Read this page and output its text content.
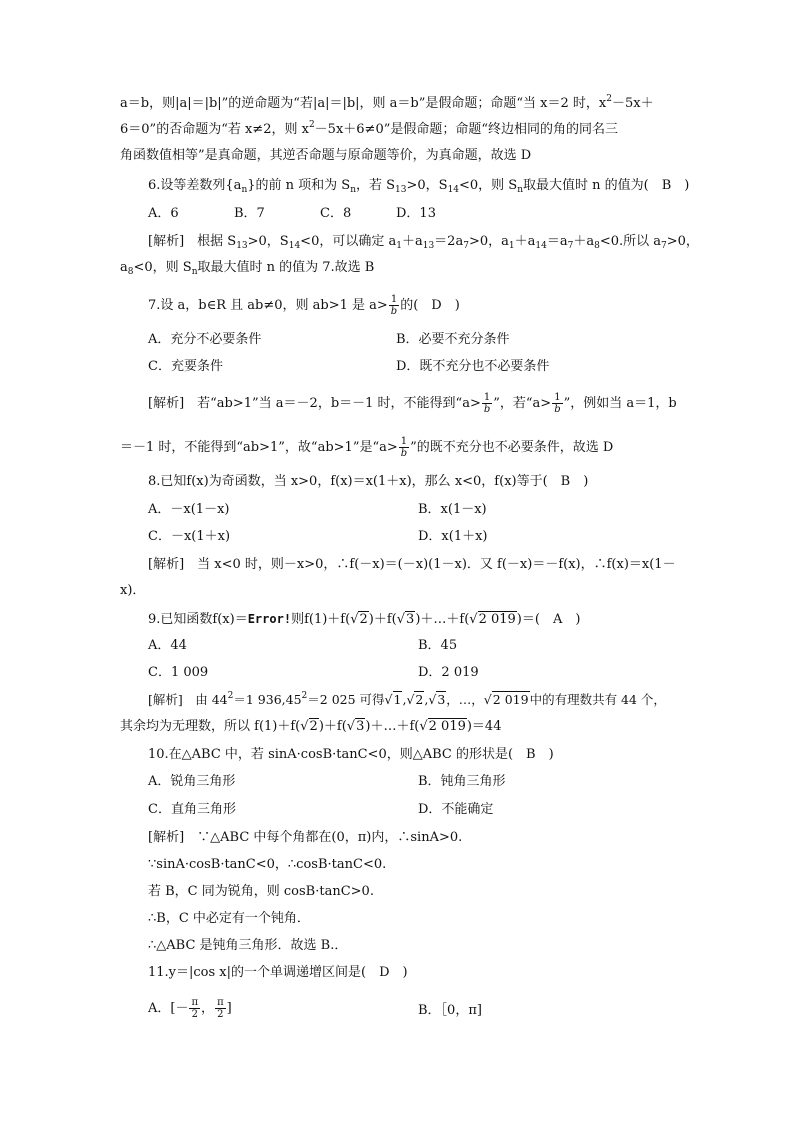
a＝b，则|a|＝|b|”的逆命题为“若|a|＝|b|，则 a＝b”是假命题；命题“当 x＝2 时，$x^2-5x+$
6＝0”的否命题为“若 x≠2，则 $x^2-5x+6\ne 0$”是假命题；命题“终边相同的角的同名三
角函数值相等”是真命题，其逆否命题与原命题等价，为真命题，故选 D
6.设等差数列$\{a_n\}$的前 n 项和为 $S_n$，若 $S_{13}>0$，$S_{14}<0$，则 $S_n$取最大值时 n 的值为(　B　)
A．6	B．7	C．8	D．13
[解析]　根据 $S_{13}>0$，$S_{14}<0$，可以确定 $a_1+a_{13}=2a_7>0$，$a_1+a_{14}=a_7+a_8<0$.所以 $a_7>0$，
$a_8<0$，则 $S_n$取最大值时 n 的值为 7.故选 B
7.设 a，b∈R 且 ab≠0，则 ab>1 是 $a> \frac{1}{b}$ 的(　D　)
A．充分不必要条件	B．必要不充分条件
C．充要条件	D．既不充分也不必要条件
[解析]　若“ab>1”当 a＝－2，b＝－1 时，不能得到“$a> \frac{1}{b}$ ”，若“$a> \frac{1}{b}$ ”，例如当 a＝1，b
＝－1 时，不能得到“ab>1”，故“ab>1”是“$a> \frac{1}{b}$ ”的既不充分也不必要条件，故选 D
8.已知f(x)为奇函数，当 x>0，f(x)＝x(1＋x)，那么 x<0，f(x)等于(　B　)
A．－x(1－x)	B．x(1－x)
C．－x(1＋x)	D．x(1＋x)
[解析]　当 x<0 时，则－x>0，∴f(－x)＝(－x)(1－x)．又 f(－x)＝－f(x)，∴f(x)＝x(1－
x)．
9.已知函数f(x)＝Error!则f(1)＋f(√2)＋f(√3)＋…＋f(√2 019)＝(　A　)
A．44	B．45
C．1 009	D．2 019
[解析]　由 $44^2=1$ $936,45^2=2$ 025 可得√1,√2,√3，…，√2 019中的有理数共有 44 个，
其余均为无理数，所以 f(1)＋f(√2)＋f(√3)＋…＋f(√2 019)＝44
10.在△ABC 中，若 sinA·cosB·tanC<0，则△ABC 的形状是(　B　)
A．锐角三角形	B．钝角三角形
C．直角三角形	D．不能确定
[解析]　∵△ABC 中每个角都在(0，π)内，∴sinA>0.
∵sinA·cosB·tanC<0，∴cosB·tanC<0.
若 B，C 同为锐角，则 cosB·tanC>0.
∴B，C 中必定有一个钝角．
∴△ABC 是钝角三角形．故选 B.．
11.y＝|cos x|的一个单调递增区间是(　D　)
A．[－ $\frac{\pi}{2}$ ， $\frac{\pi}{2}$ ]	B．［0，π]
